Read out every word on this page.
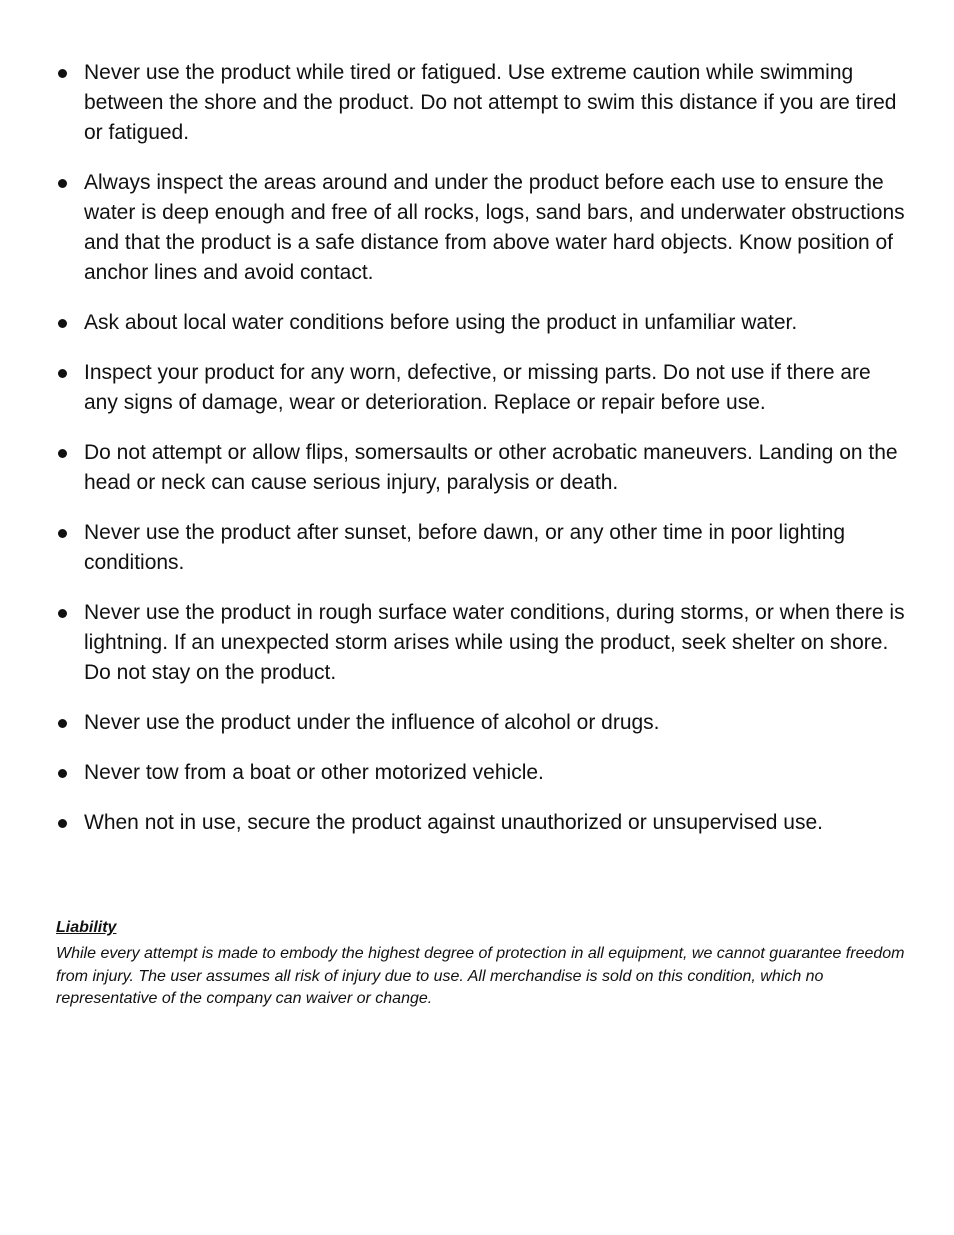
Never use the product while tired or fatigued. Use extreme caution while swimming between the shore and the product. Do not attempt to swim this distance if you are tired or fatigued.
Always inspect the areas around and under the product before each use to ensure the water is deep enough and free of all rocks, logs, sand bars, and underwater obstructions and that the product is a safe distance from above water hard objects. Know position of anchor lines and avoid contact.
Ask about local water conditions before using the product in unfamiliar water.
Inspect your product for any worn, defective, or missing parts. Do not use if there are any signs of damage, wear or deterioration. Replace or repair before use.
Do not attempt or allow flips, somersaults or other acrobatic maneuvers. Landing on the head or neck can cause serious injury, paralysis or death.
Never use the product after sunset, before dawn, or any other time in poor lighting conditions.
Never use the product in rough surface water conditions, during storms, or when there is lightning. If an unexpected storm arises while using the product, seek shelter on shore. Do not stay on the product.
Never use the product under the influence of alcohol or drugs.
Never tow from a boat or other motorized vehicle.
When not in use, secure the product against unauthorized or unsupervised use.
Liability

While every attempt is made to embody the highest degree of protection in all equipment, we cannot guarantee freedom from injury. The user assumes all risk of injury due to use. All merchandise is sold on this condition, which no representative of the company can waiver or change.
